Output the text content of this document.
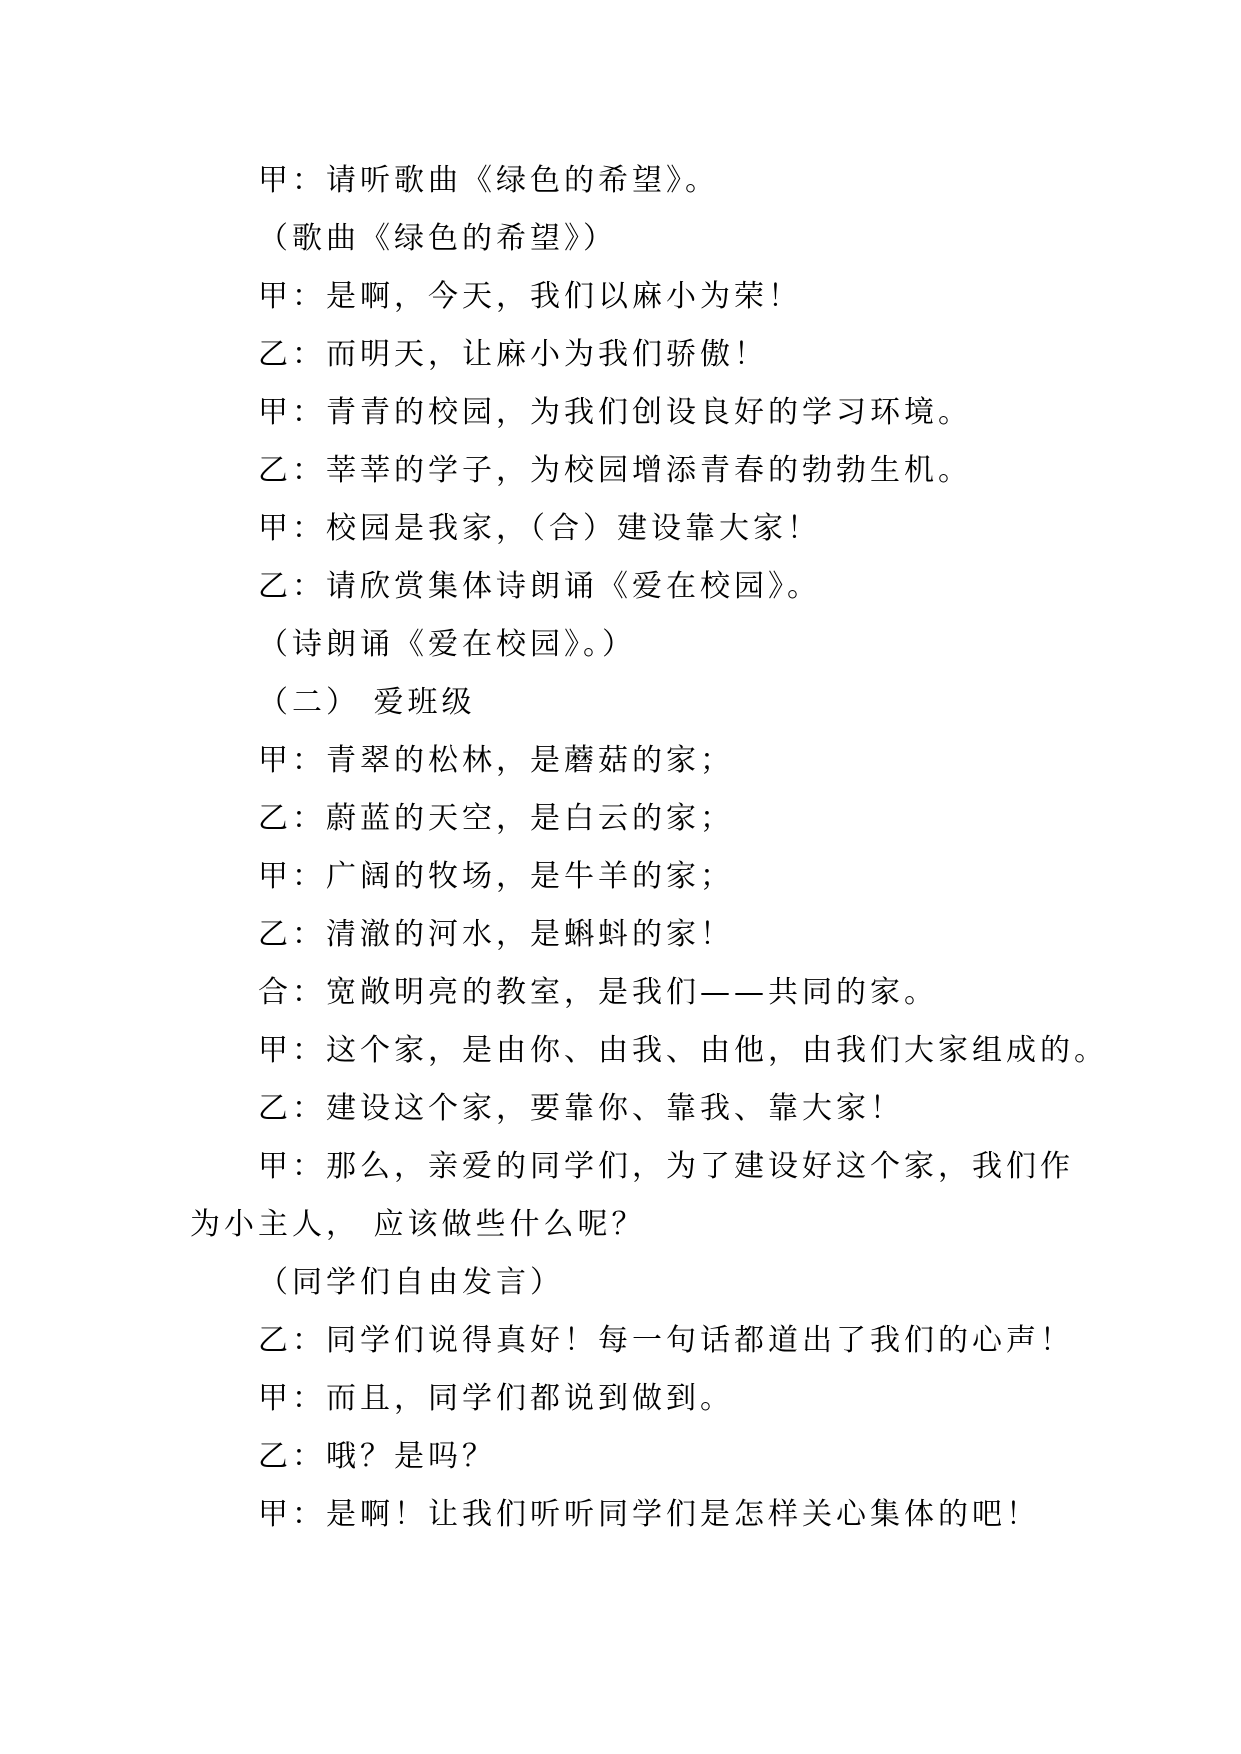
甲：请听歌曲《绿色的希望》。
（歌曲《绿色的希望》）
甲：是啊，今天，我们以麻小为荣！
乙：而明天，让麻小为我们骄傲！
甲：青青的校园，为我们创设良好的学习环境。
乙：莘莘的学子，为校园增添青春的勃勃生机。
甲：校园是我家，（合）建设靠大家！
乙：请欣赏集体诗朗诵《爱在校园》。
（诗朗诵《爱在校园》。）
（二） 爱班级
甲：青翠的松林，是蘑菇的家；
乙：蔚蓝的天空，是白云的家；
甲：广阔的牧场，是牛羊的家；
乙：清澈的河水，是蝌蚪的家！
合：宽敞明亮的教室，是我们——共同的家。
甲：这个家，是由你、由我、由他，由我们大家组成的。
乙：建设这个家，要靠你、靠我、靠大家！
甲：那么，亲爱的同学们，为了建设好这个家，我们作
为小主人， 应该做些什么呢？
（同学们自由发言）
乙：同学们说得真好！每一句话都道出了我们的心声！
甲：而且，同学们都说到做到。
乙：哦？是吗？
甲：是啊！让我们听听同学们是怎样关心集体的吧！
